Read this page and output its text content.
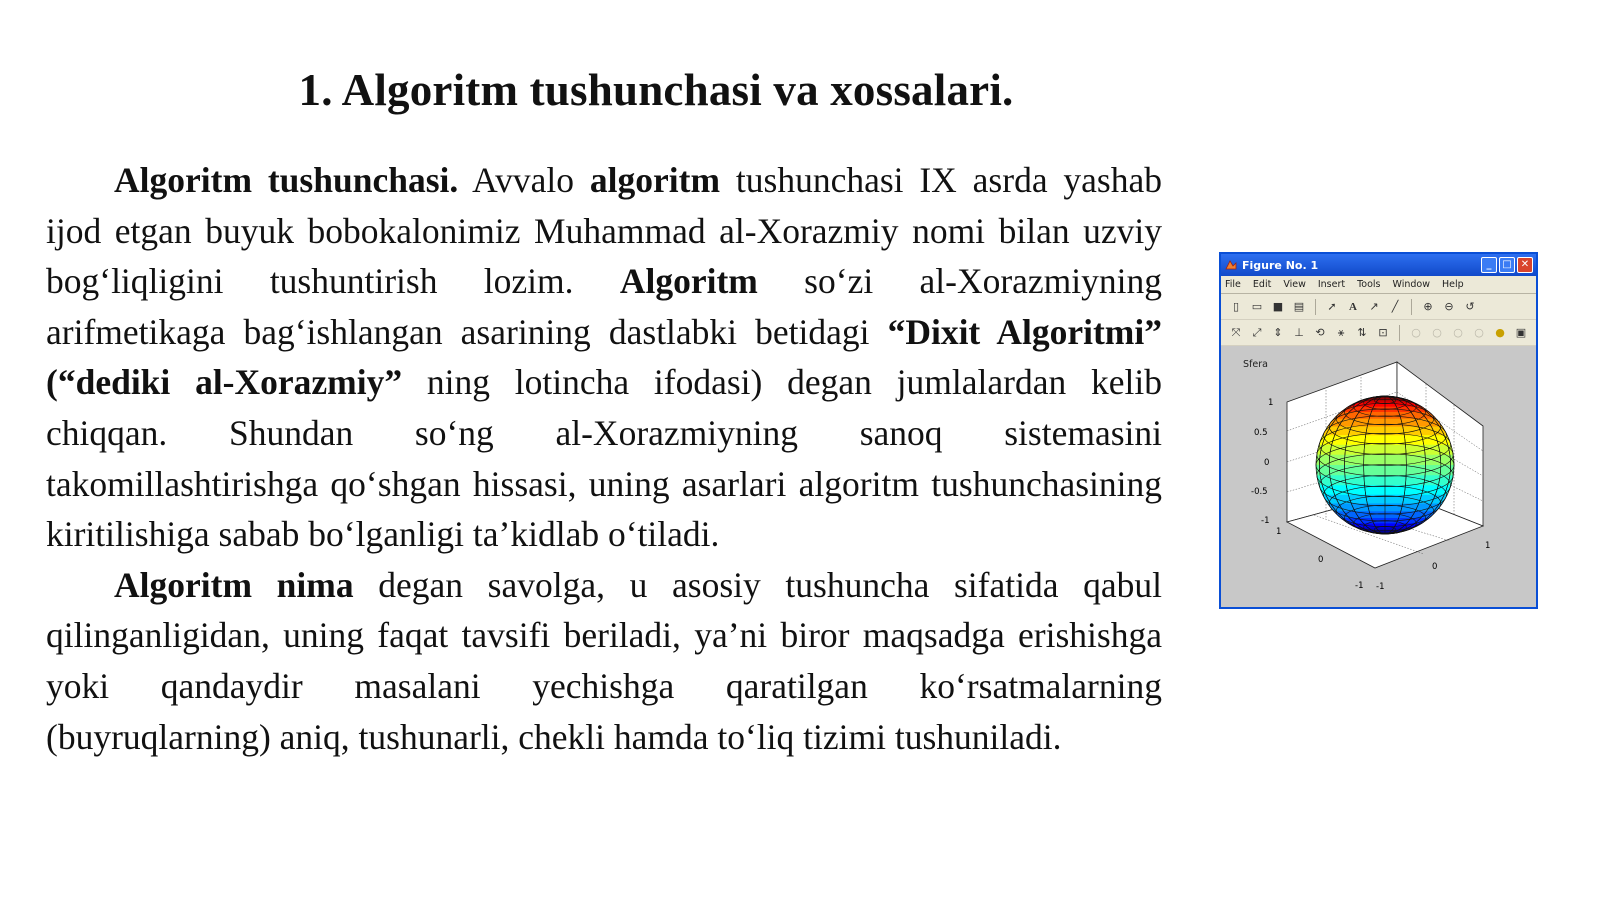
1. Algoritm tushunchasi va xossalari.

Algoritm tushunchasi. Avvalo algoritm tushunchasi IX asrda yashab ijod etgan buyuk bobokalonimiz Muhammad al-Xorazmiy nomi bilan uzviy bog‘liqligini tushuntirish lozim. Algoritm so‘zi al-Xorazmiyning arifmetikaga bag‘ishlangan asarining dastlabki betidagi “Dixit Algoritmi” (“dediki al-Xorazmiy” ning lotincha ifodasi) degan jumlalardan kelib chiqqan. Shundan so‘ng al-Xorazmiyning sanoq sistemasini takomillashtirishga qo‘shgan hissasi, uning asarlari algoritm tushunchasining kiritilishiga sabab bo‘lganligi ta’kidlab o‘tiladi.

Algoritm nima degan savolga, u asosiy tushuncha sifatida qabul qilinganligidan, uning faqat tavsifi beriladi, ya’ni biror maqsadga erishishga yoki qandaydir masalani yechishga qaratilgan ko‘rsatmalarning (buyruqlarning) aniq, tushunarli, chekli hamda to‘liq tizimi tushuniladi.

Figure No. 1	_	□ ✕
File Edit View Insert Tools Window Help
▯	▭ ■ ▤ ➚ A ↗	╱	⊕ ⊖ ↺
⤧ ⤢ ⇕ ⊥ ⟲	⚹	⇅ ⊡ ○ ○ ○ ○ ● ▣
Sfera
1
0.5
0
-0.5
-1
1
0
-1 -1
0
1
